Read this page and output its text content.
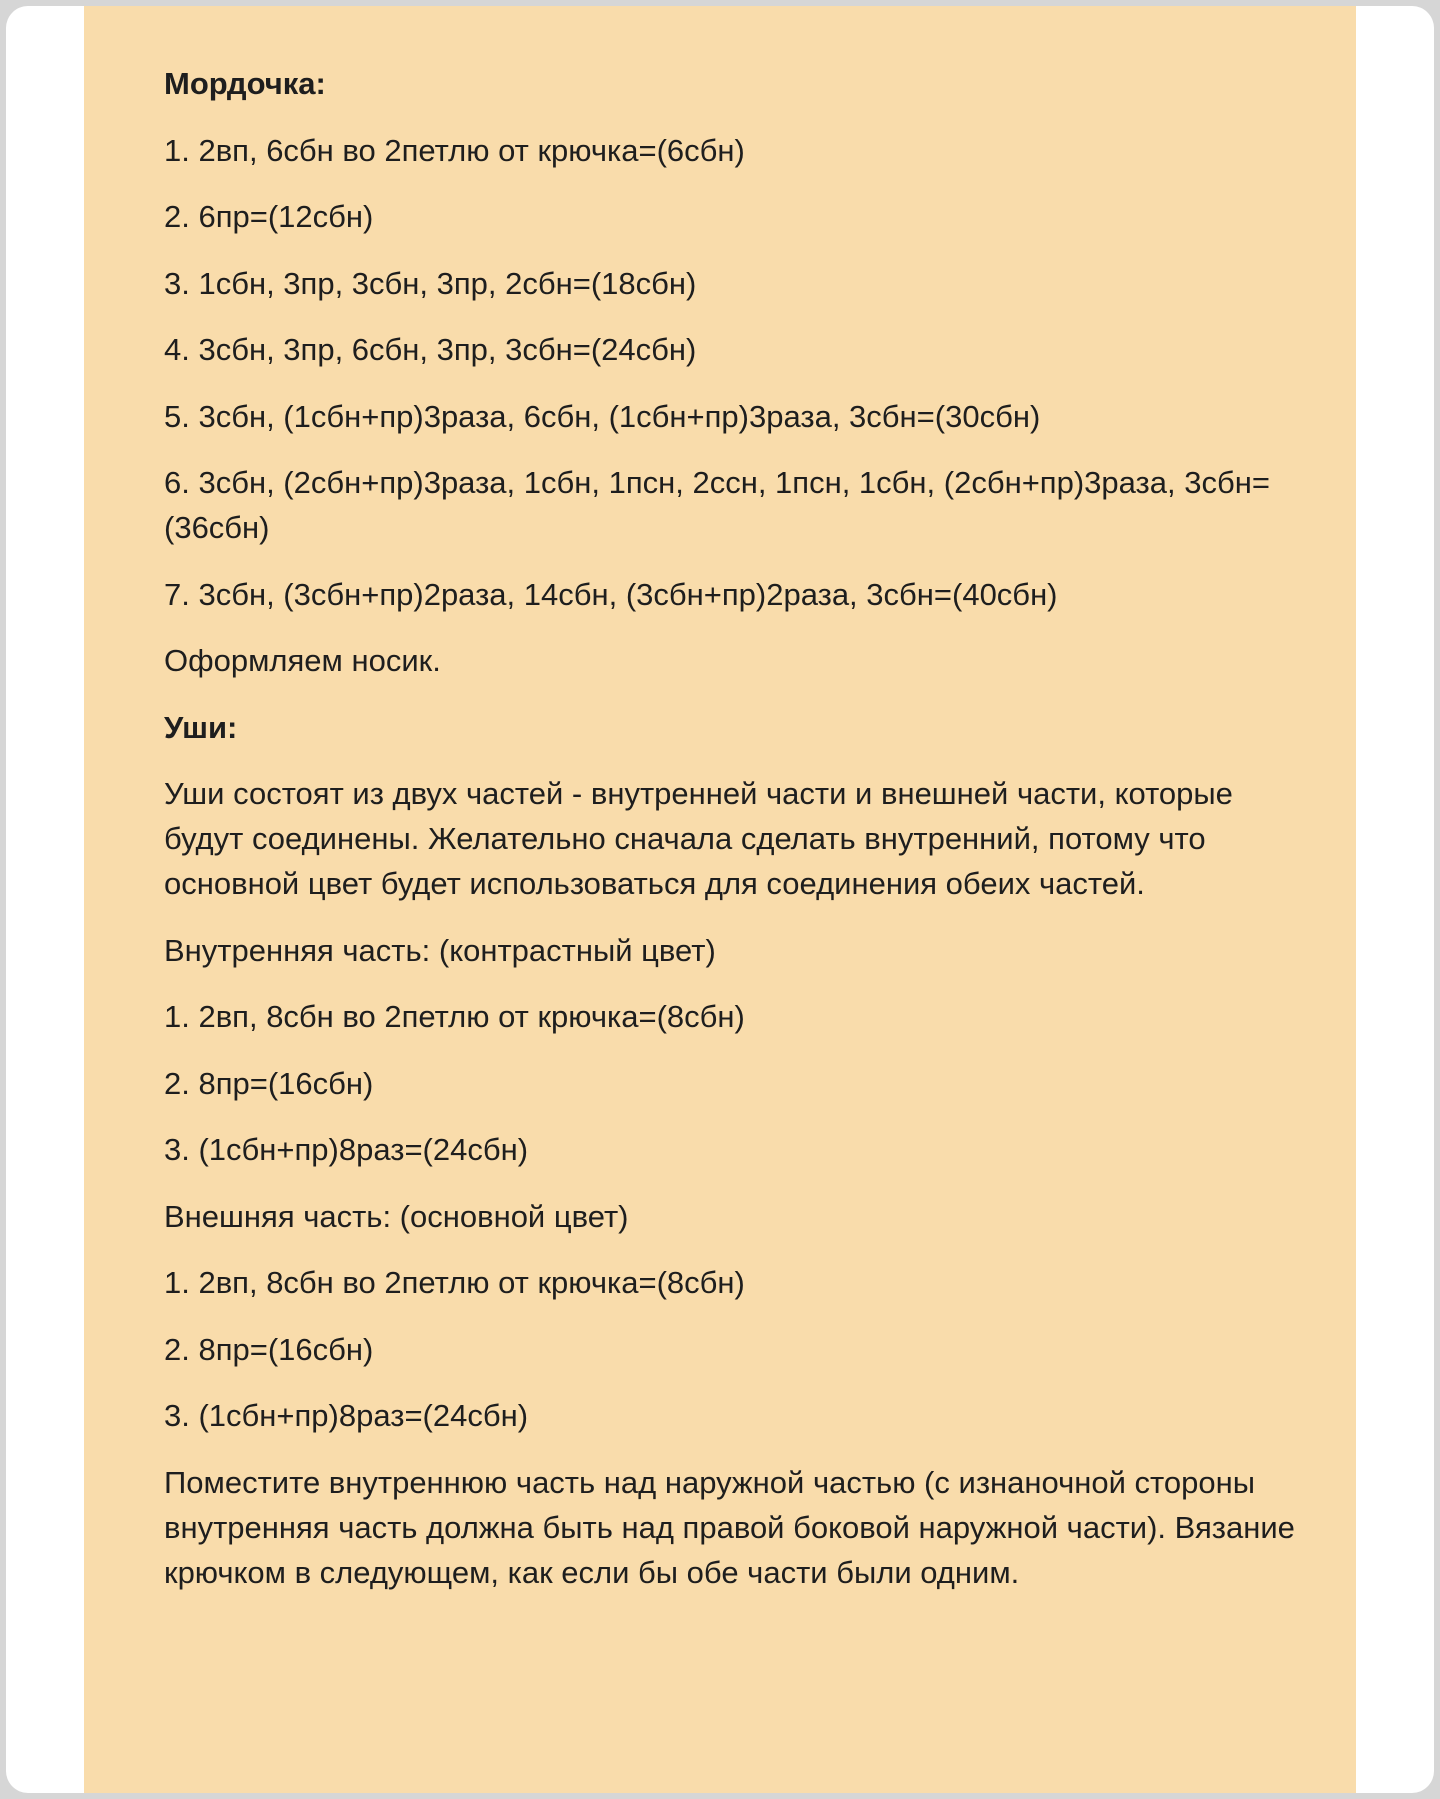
Мордочка:

1. 2вп, 6сбн во 2петлю от крючка=(6сбн)

2. 6пр=(12сбн)

3. 1сбн, 3пр, 3сбн, 3пр, 2сбн=(18сбн)

4. 3сбн, 3пр, 6сбн, 3пр, 3сбн=(24сбн)

5. 3сбн, (1сбн+пр)3раза, 6сбн, (1сбн+пр)3раза, 3сбн=(30сбн)

6. 3сбн, (2сбн+пр)3раза, 1сбн, 1псн, 2ссн, 1псн, 1сбн, (2сбн+пр)3раза, 3сбн=(36сбн)

7. 3сбн, (3сбн+пр)2раза, 14сбн, (3сбн+пр)2раза, 3сбн=(40сбн)

Оформляем носик.

Уши:

Уши состоят из двух частей - внутренней части и внешней части, которые будут соединены. Желательно сначала сделать внутренний, потому что основной цвет будет использоваться для соединения обеих частей.

Внутренняя часть: (контрастный цвет)

1. 2вп, 8сбн во 2петлю от крючка=(8сбн)

2. 8пр=(16сбн)

3. (1сбн+пр)8раз=(24сбн)

Внешняя часть: (основной цвет)

1. 2вп, 8сбн во 2петлю от крючка=(8сбн)

2. 8пр=(16сбн)

3. (1сбн+пр)8раз=(24сбн)

Поместите внутреннюю часть над наружной частью (с изнаночной стороны внутренняя часть должна быть над правой боковой наружной части). Вязание крючком в следующем, как если бы обе части были одним.
